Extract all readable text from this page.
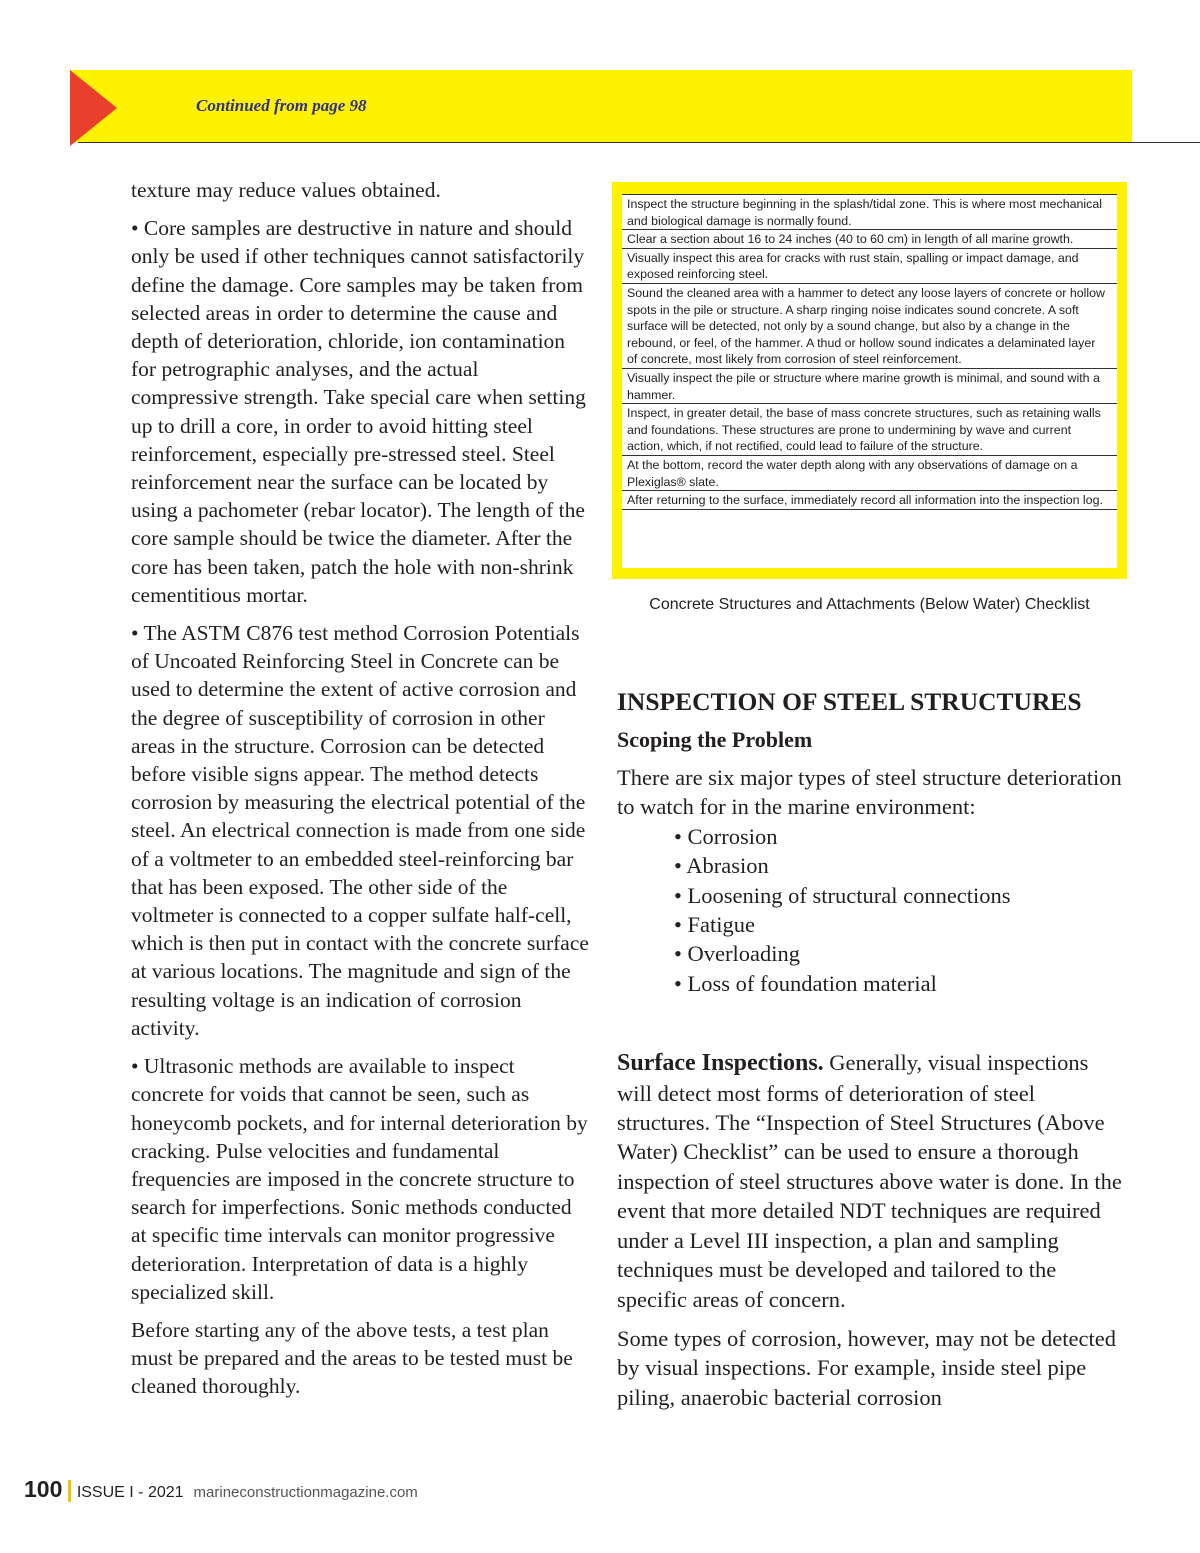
Continued from page 98

texture may reduce values obtained.

• Core samples are destructive in nature and should only be used if other techniques cannot satisfactorily define the damage. Core samples may be taken from selected areas in order to determine the cause and depth of deterioration, chloride, ion contamination for petrographic analyses, and the actual compressive strength. Take special care when setting up to drill a core, in order to avoid hitting steel reinforcement, especially pre-stressed steel. Steel reinforcement near the surface can be located by using a pachometer (rebar locator). The length of the core sample should be twice the diameter. After the core has been taken, patch the hole with non-shrink cementitious mortar.

• The ASTM C876 test method Corrosion Potentials of Uncoated Reinforcing Steel in Concrete can be used to determine the extent of active corrosion and the degree of susceptibility of corrosion in other areas in the structure. Corrosion can be detected before visible signs appear. The method detects corrosion by measuring the electrical potential of the steel. An electrical connection is made from one side of a voltmeter to an embedded steel-reinforcing bar that has been exposed. The other side of the voltmeter is connected to a copper sulfate half-cell, which is then put in contact with the concrete surface at various locations. The magnitude and sign of the resulting voltage is an indication of corrosion activity.

• Ultrasonic methods are available to inspect concrete for voids that cannot be seen, such as honeycomb pockets, and for internal deterioration by cracking. Pulse velocities and fundamental frequencies are imposed in the concrete structure to search for imperfections. Sonic methods conducted at specific time intervals can monitor progressive deterioration. Interpretation of data is a highly specialized skill.

Before starting any of the above tests, a test plan must be prepared and the areas to be tested must be cleaned thoroughly.

Inspect the structure beginning in the splash/tidal zone. This is where most mechanical and biological damage is normally found.
Clear a section about 16 to 24 inches (40 to 60 cm) in length of all marine growth.
Visually inspect this area for cracks with rust stain, spalling or impact damage, and exposed reinforcing steel.
Sound the cleaned area with a hammer to detect any loose layers of concrete or hollow spots in the pile or structure. A sharp ringing noise indicates sound concrete. A soft surface will be detected, not only by a sound change, but also by a change in the rebound, or feel, of the hammer. A thud or hollow sound indicates a delaminated layer of concrete, most likely from corrosion of steel reinforcement.
Visually inspect the pile or structure where marine growth is minimal, and sound with a hammer.
Inspect, in greater detail, the base of mass concrete structures, such as retaining walls and foundations. These structures are prone to undermining by wave and current action, which, if not rectified, could lead to failure of the structure.
At the bottom, record the water depth along with any observations of damage on a Plexiglas® slate.
After returning to the surface, immediately record all information into the inspection log.
Concrete Structures and Attachments (Below Water) Checklist
INSPECTION OF STEEL STRUCTURES
Scoping the Problem

There are six major types of steel structure deterioration to watch for in the marine environment:

• Corrosion
• Abrasion
• Loosening of structural connections
• Fatigue
• Overloading
• Loss of foundation material

Surface Inspections. Generally, visual inspections will detect most forms of deterioration of steel structures. The “Inspection of Steel Structures (Above Water) Checklist” can be used to ensure a thorough inspection of steel structures above water is done. In the event that more detailed NDT techniques are required under a Level III inspection, a plan and sampling techniques must be developed and tailored to the specific areas of concern.

Some types of corrosion, however, may not be detected by visual inspections. For example, inside steel pipe piling, anaerobic bacterial corrosion

100 | ISSUE I - 2021 marineconstructionmagazine.com
